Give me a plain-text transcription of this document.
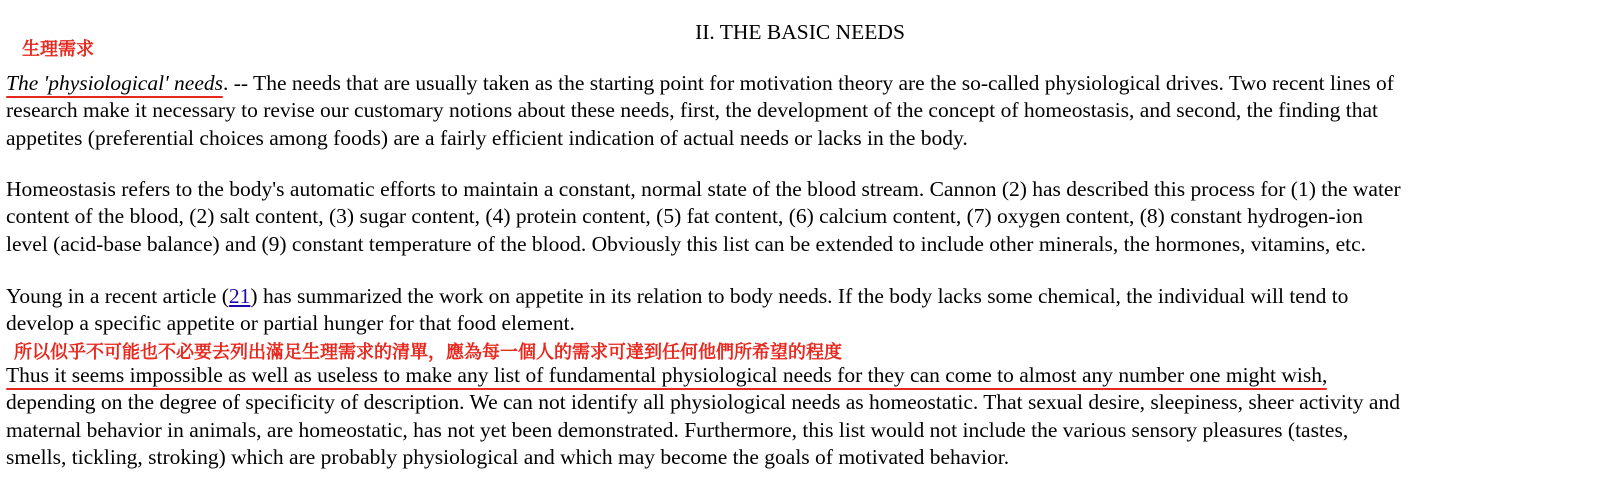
II. THE BASIC NEEDS
生理需求
The 'physiological' needs. -- The needs that are usually taken as the starting point for motivation theory are the so-called physiological drives. Two recent lines of
research make it necessary to revise our customary notions about these needs, first, the development of the concept of homeostasis, and second, the finding that
appetites (preferential choices among foods) are a fairly efficient indication of actual needs or lacks in the body.
Homeostasis refers to the body's automatic efforts to maintain a constant, normal state of the blood stream. Cannon (2) has described this process for (1) the water
content of the blood, (2) salt content, (3) sugar content, (4) protein content, (5) fat content, (6) calcium content, (7) oxygen content, (8) constant hydrogen-ion
level (acid-base balance) and (9) constant temperature of the blood. Obviously this list can be extended to include other minerals, the hormones, vitamins, etc.
Young in a recent article (21) has summarized the work on appetite in its relation to body needs. If the body lacks some chemical, the individual will tend to
develop a specific appetite or partial hunger for that food element.
所以似乎不可能也不必要去列出滿足生理需求的清單，應為每一個人的需求可達到任何他們所希望的程度
Thus it seems impossible as well as useless to make any list of fundamental physiological needs for they can come to almost any number one might wish,
depending on the degree of specificity of description. We can not identify all physiological needs as homeostatic. That sexual desire, sleepiness, sheer activity and
maternal behavior in animals, are homeostatic, has not yet been demonstrated. Furthermore, this list would not include the various sensory pleasures (tastes,
smells, tickling, stroking) which are probably physiological and which may become the goals of motivated behavior.
